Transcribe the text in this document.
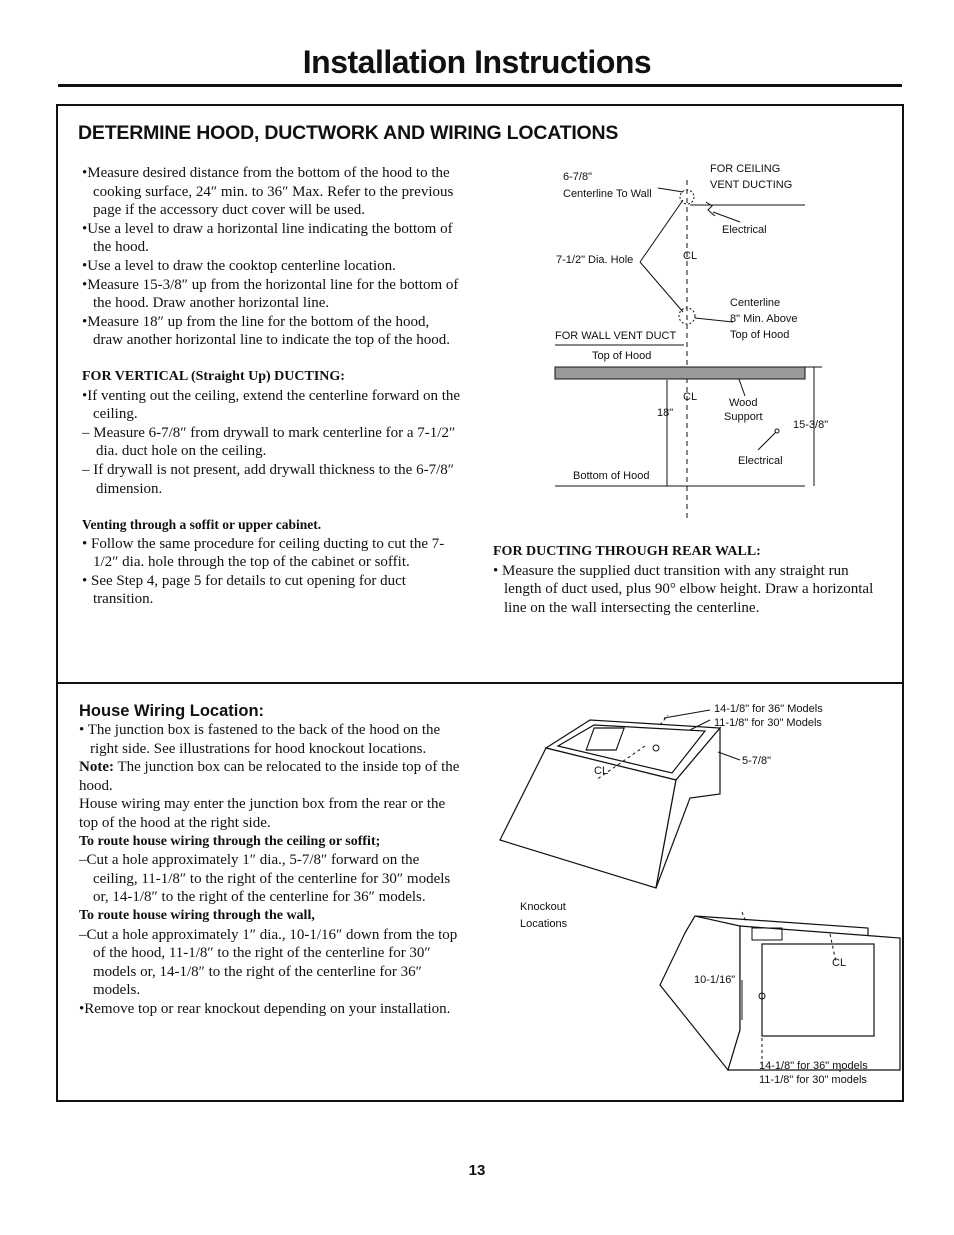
Installation Instructions
DETERMINE HOOD, DUCTWORK AND WIRING LOCATIONS

•Measure desired distance from the bottom of the hood to the cooking surface, 24″ min. to 36″ Max. Refer to the previous page if the accessory duct cover will be used.

•Use a level to draw a horizontal line indicating the bottom of the hood.

•Use a level to draw the cooktop centerline location.

•Measure 15-3/8″ up from the horizontal line for the bottom of the hood. Draw another horizontal line.

•Measure 18″ up from the line for the bottom of the hood, draw another horizontal line to indicate the top of the hood.

FOR VERTICAL (Straight Up) DUCTING:

•If venting out the ceiling, extend the centerline forward on the ceiling.

– Measure 6-7/8″ from drywall to mark centerline for a 7-1/2″ dia. duct hole on the ceiling.

– If drywall is not present, add drywall thickness to the 6-7/8″ dimension.

Venting through a soffit or upper cabinet.

• Follow the same procedure for ceiling ducting to cut the 7-1/2″ dia. hole through the top of the cabinet or soffit.

• See Step 4, page 5 for details to cut opening for duct transition.

FOR DUCTING THROUGH REAR WALL:

• Measure the supplied duct transition with any straight run length of duct used, plus 90° elbow height. Draw a horizontal line on the wall intersecting the centerline.

6-7/8"
Centerline To Wall
FOR CEILING
VENT DUCTING
Electrical
7-1/2" Dia. Hole	CL
Centerline
8" Min. Above
Top of Hood
FOR WALL VENT DUCT
Top of Hood
CL
18"
Wood
Support
15-3/8"
Electrical
Bottom of Hood

House Wiring Location:

• The junction box is fastened to the back of the hood on the right side. See illustrations for hood knockout locations.

Note: The junction box can be relocated to the inside top of the hood.

House wiring may enter the junction box from the rear or the top of the hood at the right side.

To route house wiring through the ceiling or soffit;

–Cut a hole approximately 1″ dia., 5-7/8″ forward on the ceiling, 11-1/8″ to the right of the centerline for 30″ models or, 14-1/8″ to the right of the centerline for 36″ models.

To route house wiring through the wall,

–Cut a hole approximately 1″ dia., 10-1/16″ down from the top of the hood, 11-1/8″ to the right of the centerline for 30″ models or, 14-1/8″ to the right of the centerline for 36″ models.

•Remove top or rear knockout depending on your installation.

14-1/8" for 36" Models
11-1/8" for 30" Models
5-7/8"
CL
Knockout
Locations
CL
10-1/16"
14-1/8" for 36" models
11-1/8" for 30" models
13
